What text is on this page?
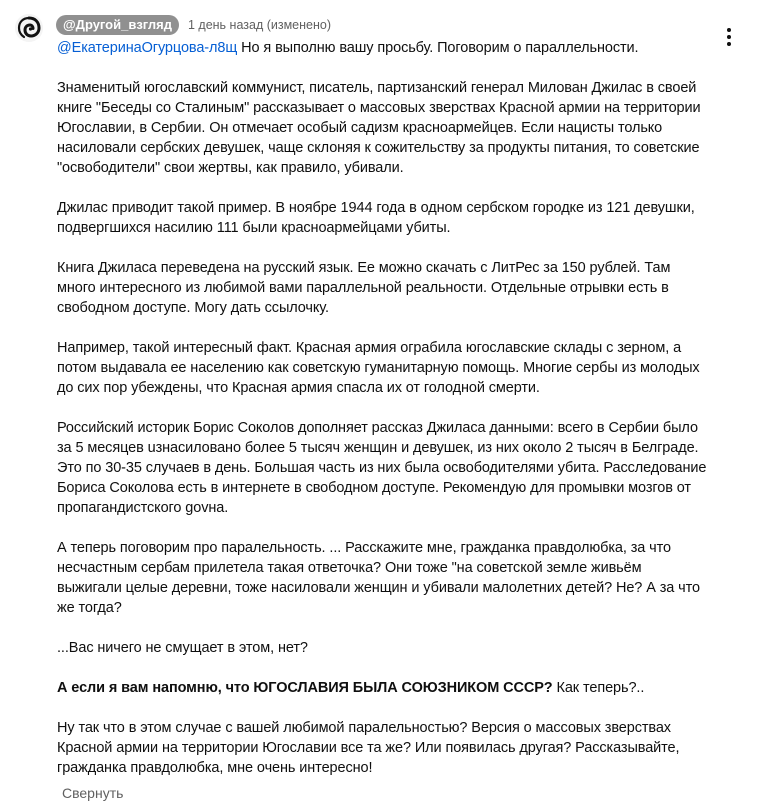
@Другой_взгляд	1 день назад (изменено)

@ЕкатеринаОгурцова-л8щ Но я выполню вашу просьбу. Поговорим о параллельности.

Знаменитый югославский коммунист, писатель, партизанский генерал Милован Джилас в своей книге "Беседы со Сталиным" рассказывает о массовых зверствах Красной армии на территории Югославии, в Сербии. Он отмечает особый садизм красноармейцев. Если нацисты только насиловали сербских девушек, чаще склоняя к сожительству за продукты питания, то советские "освободители" свои жертвы, как правило, убивали.

Джилас приводит такой пример. В ноябре 1944 года в одном сербском городке из 121 девушки, подвергшихся насилию 111 были красноармейцами убиты.

Книга Джиласа переведена на русский язык. Ее можно скачать с ЛитРес за 150 рублей. Там много интересного из любимой вами параллельной реальности. Отдельные отрывки есть в свободном доступе. Могу дать ссылочку.

Например, такой интересный факт. Красная армия ограбила югославские склады с зерном, а потом выдавала ее населению как советскую гуманитарную помощь. Многие сербы из молодых до сих пор убеждены, что Красная армия спасла их от голодной смерти.

Российский историк Борис Соколов дополняет рассказ Джиласа данными: всего в Сербии было за 5 месяцев uзнасиловано более 5 тысяч женщин и девушек, из них около 2 тысяч в Белграде. Это по 30-35 случаев в день. Большая часть из них была освободителями убита. Расследование Бориса Соколова есть в интернете в свободном доступе. Рекомендую для промывки мозгов от пропагандистского govна.

А теперь поговорим про паралельность. ... Расскажите мне, гражданка правдолюбка, за что несчастным сербам прилетела такая ответочка? Они тоже "на советской земле живьём выжигали целые деревни, тоже насиловали женщин и убивали малолетних детей? Не? А за что же тогда?

...Вас ничего не смущает в этом, нет?

А если я вам напомню, что ЮГОСЛАВИЯ БЫЛА СОЮЗНИКОМ СССР? Как теперь?..

Ну так что в этом случае с вашей любимой паралельностью? Версия о массовых зверствах Красной армии на территории Югославии все та же? Или появилась другая? Рассказывайте, гражданка правдолюбка, мне очень интересно!

Свернуть
